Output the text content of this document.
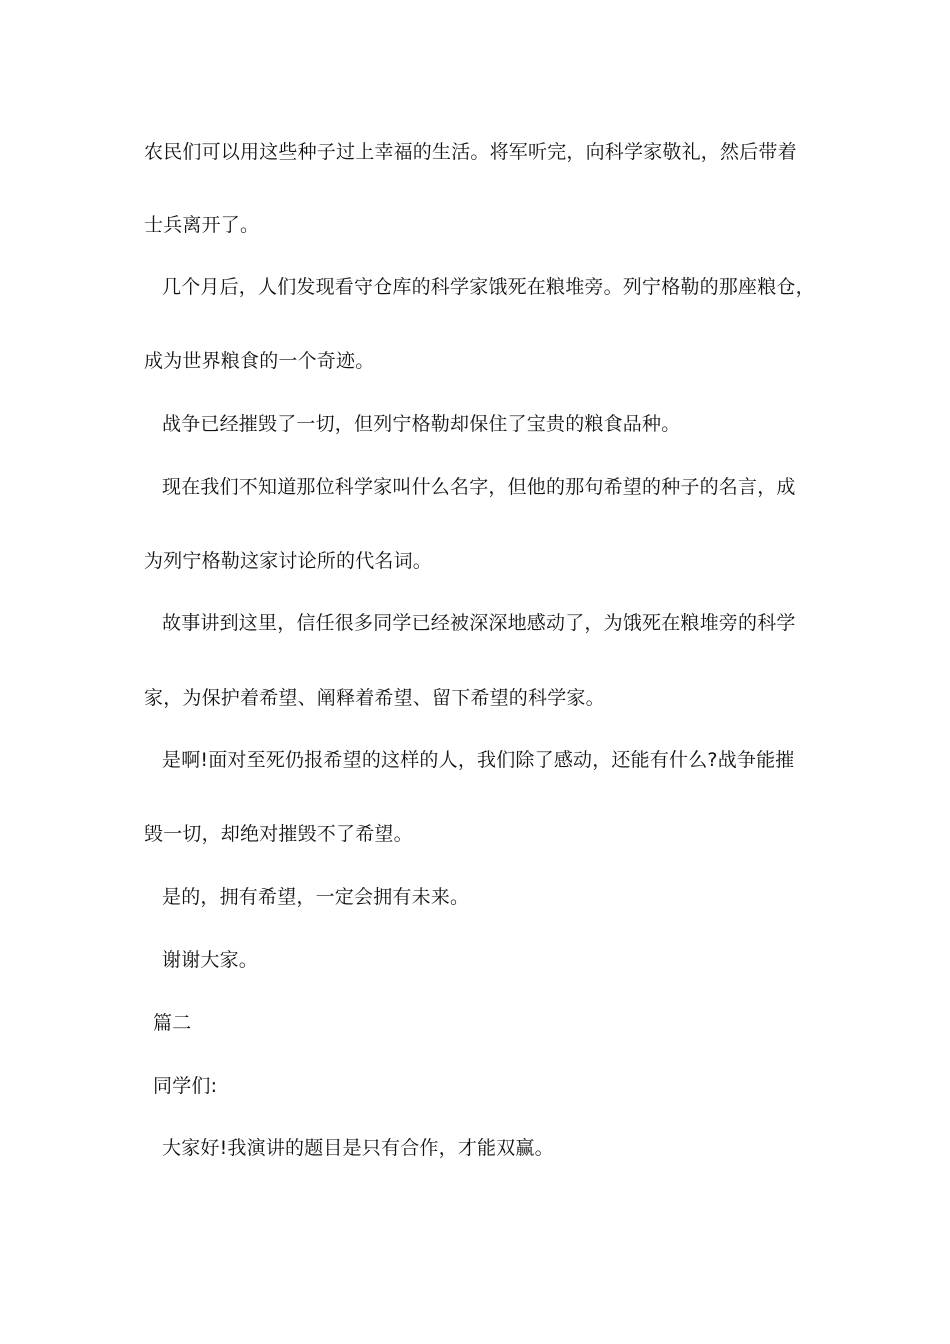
农民们可以用这些种子过上幸福的生活。将军听完，向科学家敬礼，然后带着
士兵离开了。
几个月后，人们发现看守仓库的科学家饿死在粮堆旁。列宁格勒的那座粮仓，
成为世界粮食的一个奇迹。
战争已经摧毁了一切，但列宁格勒却保住了宝贵的粮食品种。
现在我们不知道那位科学家叫什么名字，但他的那句希望的种子的名言，成
为列宁格勒这家讨论所的代名词。
故事讲到这里，信任很多同学已经被深深地感动了，为饿死在粮堆旁的科学
家，为保护着希望、阐释着希望、留下希望的科学家。
是啊!面对至死仍报希望的这样的人，我们除了感动，还能有什么?战争能摧
毁一切，却绝对摧毁不了希望。
是的，拥有希望，一定会拥有未来。
谢谢大家。
篇二
同学们:
大家好!我演讲的题目是只有合作，才能双赢。
